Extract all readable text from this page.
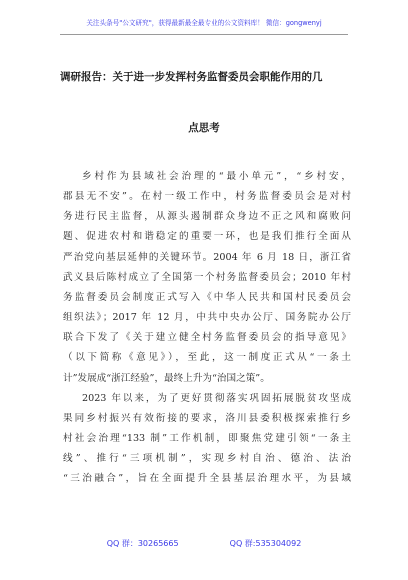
关注头条号"公文研究"，获得最新最全最专业的公文资料库！ 微信：gongwenyj
调研报告：关于进一步发挥村务监督委员会职能作用的几
点思考
乡村作为县域社会治理的“最小单元”，“乡村安，
郡县无不安”。在村一级工作中，村务监督委员会是对村
务进行民主监督，从源头遏制群众身边不正之风和腐败问
题、促进农村和谐稳定的重要一环，也是我们推行全面从
严治党向基层延伸的关键环节。2004 年 6 月 18 日，浙江省
武义县后陈村成立了全国第一个村务监督委员会；2010 年村
务监督委员会制度正式写入《中华人民共和国村民委员会
组织法》；2017 年 12 月，中共中央办公厅、国务院办公厅
联合下发了《关于建立健全村务监督委员会的指导意见》
（以下简称《意见》），至此，这一制度正式从“一条土
计”发展成“浙江经验”，最终上升为“治国之策”。
2023 年以来，为了更好贯彻落实巩固拓展脱贫攻坚成
果同乡村振兴有效衔接的要求，洛川县委积极探索推行乡
村社会治理“133 制”工作机制，即聚焦党建引领“一条主
线”、推行“三项机制”，实现乡村自治、德治、法治
“三治融合”，旨在全面提升全县基层治理水平，为县域
QQ 群：30265665	QQ 群:535304092
